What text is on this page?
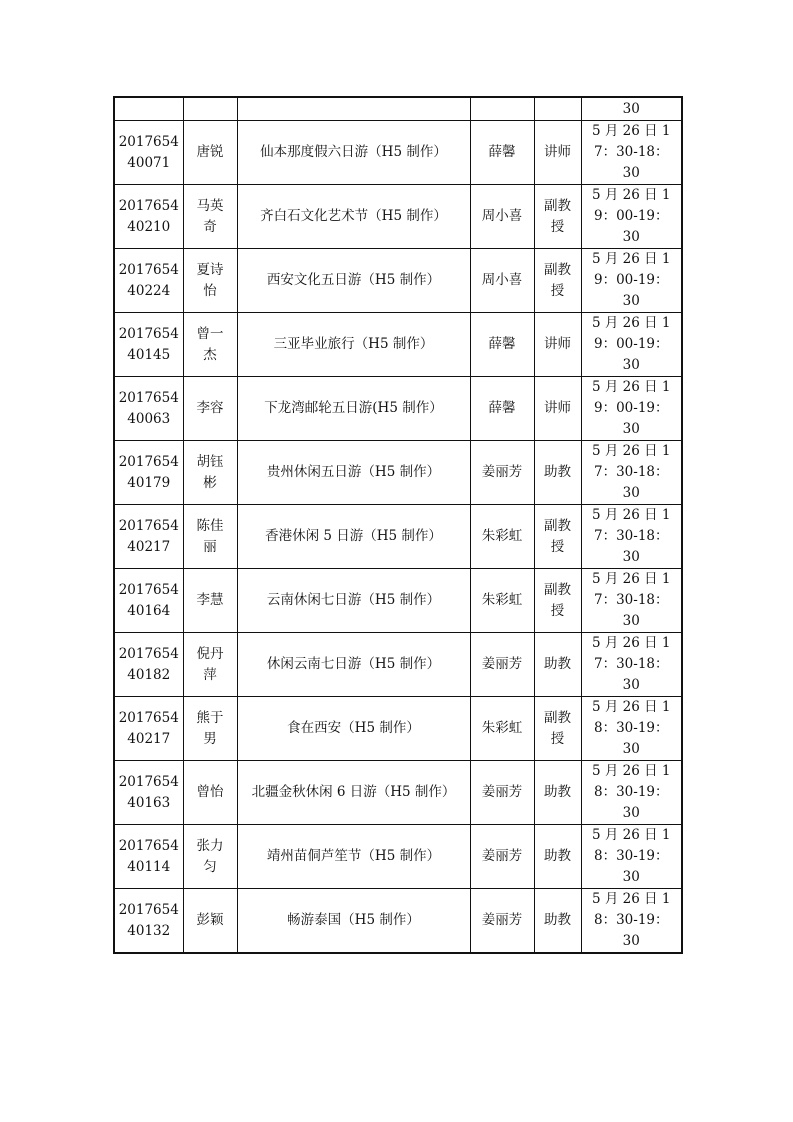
					30
201765440071	唐锐	仙本那度假六日游（H5 制作）	薛馨	讲师	5 月 26 日 17：30-18：30
201765440210	马英奇	齐白石文化艺术节（H5 制作）	周小喜	副教授	5 月 26 日 19：00-19：30
201765440224	夏诗怡	西安文化五日游（H5 制作）	周小喜	副教授	5 月 26 日 19：00-19：30
201765440145	曾一杰	三亚毕业旅行（H5 制作）	薛馨	讲师	5 月 26 日 19：00-19：30
201765440063	李容	下龙湾邮轮五日游(H5 制作）	薛馨	讲师	5 月 26 日 19：00-19：30
201765440179	胡钰彬	贵州休闲五日游（H5 制作）	姜丽芳	助教	5 月 26 日 17：30-18：30
201765440217	陈佳丽	香港休闲 5 日游（H5 制作）	朱彩虹	副教授	5 月 26 日 17：30-18：30
201765440164	李慧	云南休闲七日游（H5 制作）	朱彩虹	副教授	5 月 26 日 17：30-18：30
201765440182	倪丹萍	休闲云南七日游（H5 制作）	姜丽芳	助教	5 月 26 日 17：30-18：30
201765440217	熊于男	食在西安（H5 制作）	朱彩虹	副教授	5 月 26 日 18：30-19：30
201765440163	曾怡	北疆金秋休闲 6 日游（H5 制作）	姜丽芳	助教	5 月 26 日 18：30-19：30
201765440114	张力匀	靖州苗侗芦笙节（H5 制作）	姜丽芳	助教	5 月 26 日 18：30-19：30
201765440132	彭颖	畅游泰国（H5 制作）	姜丽芳	助教	5 月 26 日 18：30-19：30
